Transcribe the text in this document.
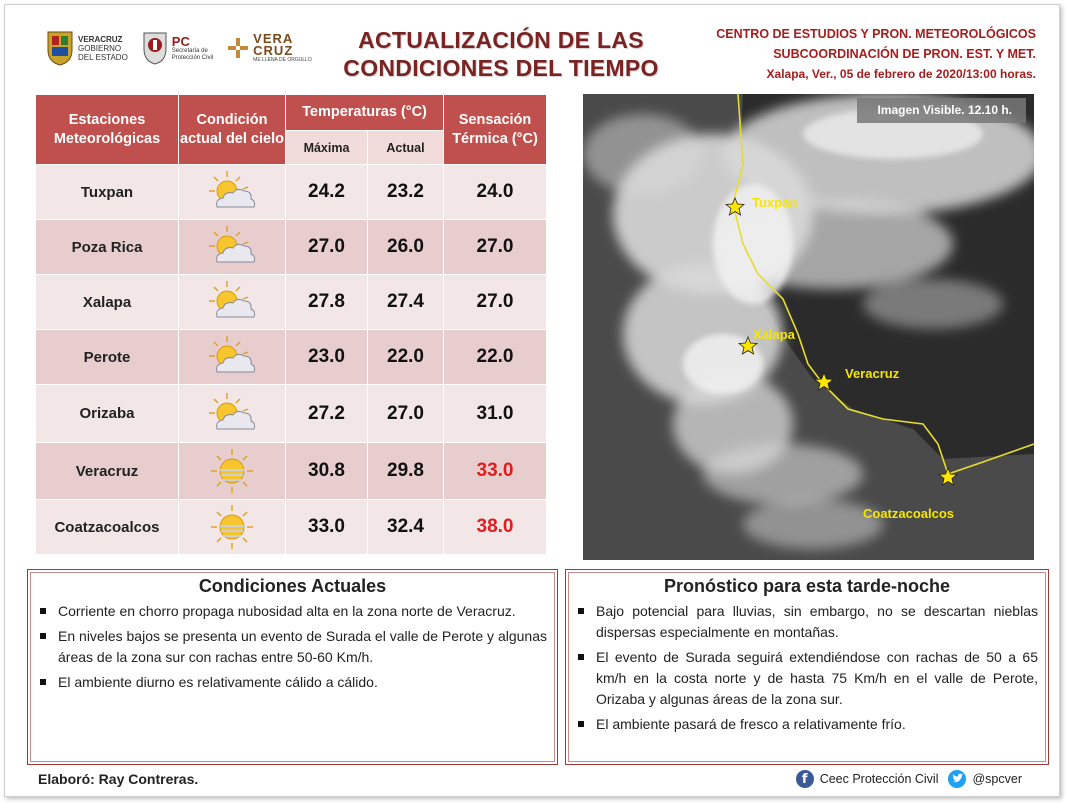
VERACRUZ
GOBIERNO
DEL ESTADO
PC
Secretaría de
Protección Civil
VERA
CRUZ
ME LLENA DE ORGULLO
ACTUALIZACIÓN DE LAS
CONDICIONES DEL TIEMPO
CENTRO DE ESTUDIOS Y PRON. METEOROLÓGICOS
SUBCOORDINACIÓN DE PRON. EST. Y MET.
Xalapa, Ver., 05 de febrero de 2020/13:00 horas.
Estaciones Meteorológicas	Condición actual del cielo	Temperaturas (°C)		Sensación Térmica (°C)
		Máxima	Actual	
Tuxpan		24.2	23.2	24.0
Poza Rica		27.0	26.0	27.0
Xalapa		27.8	27.4	27.0
Perote		23.0	22.0	22.0
Orizaba		27.2	27.0	31.0
Veracruz		30.8	29.8	33.0
Coatzacoalcos		33.0	32.4	38.0
Imagen Visible. 12.10 h.
Tuxpan
Xalapa
Veracruz
Coatzacoalcos
Condiciones Actuales
Corriente en chorro propaga nubosidad alta en la zona norte de Veracruz.
En niveles bajos se presenta un evento de Surada el valle de Perote y algunas áreas de la zona sur con rachas entre 50-60 Km/h.
El ambiente diurno es relativamente cálido a cálido.
Pronóstico para esta tarde-noche
Bajo potencial para lluvias, sin embargo, no se descartan nieblas dispersas especialmente en montañas.
El evento de Surada seguirá extendiéndose con rachas de 50 a 65 km/h en la costa norte y de hasta 75 Km/h en el valle de Perote, Orizaba y algunas áreas de la zona sur.
El ambiente pasará de fresco a relativamente frío.
Elaboró: Ray Contreras.	f Ceec Protección Civil	@spcver
